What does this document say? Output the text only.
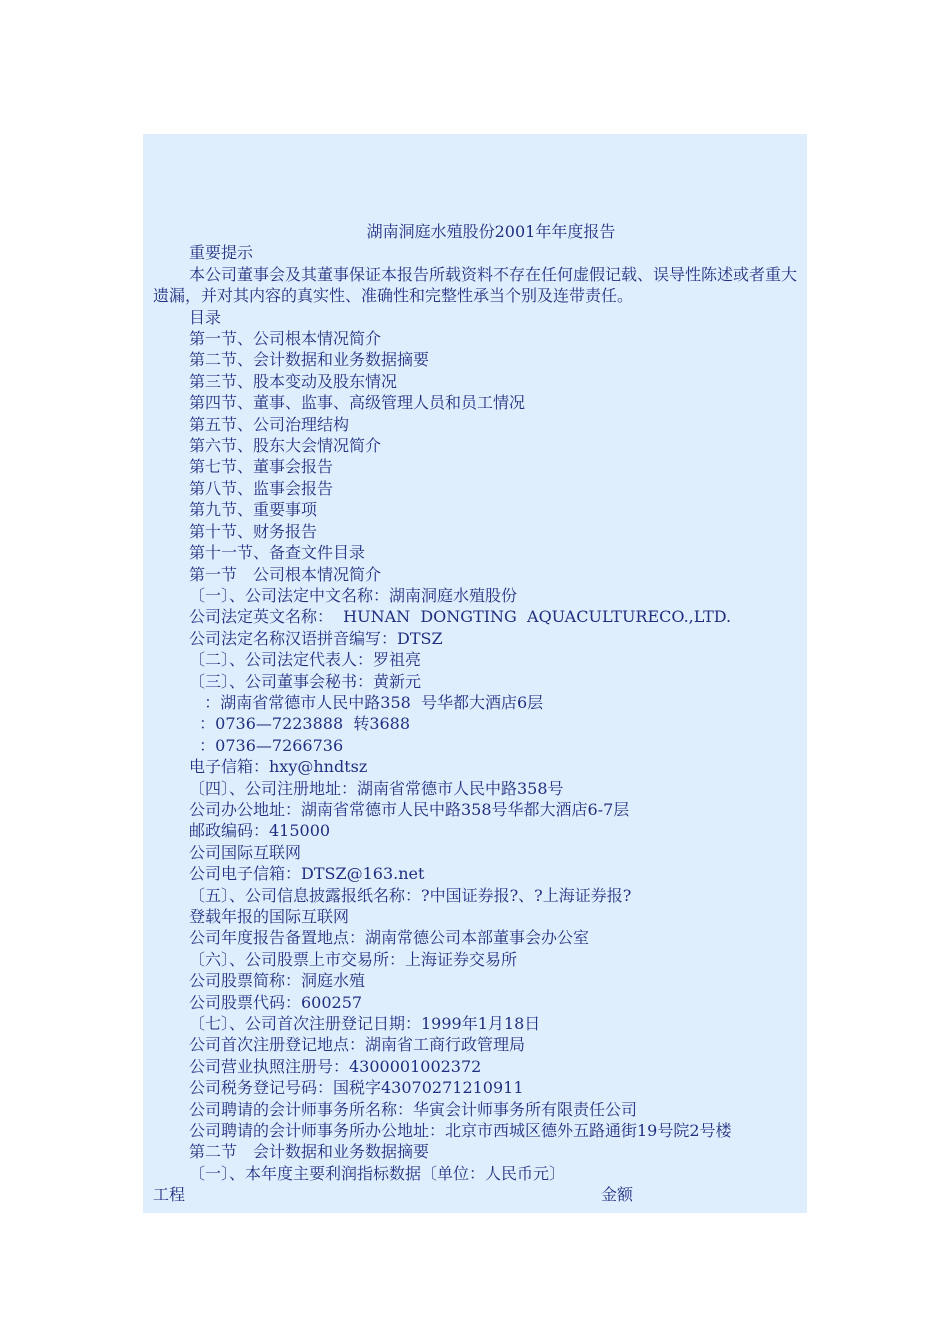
湖南洞庭水殖股份2001年年度报告

重要提示

本公司董事会及其董事保证本报告所载资料不存在任何虚假记载、误导性陈述或者重大遗漏，并对其内容的真实性、准确性和完整性承当个别及连带责任。

目录

第一节、公司根本情况简介

第二节、会计数据和业务数据摘要

第三节、股本变动及股东情况

第四节、董事、监事、高级管理人员和员工情况

第五节、公司治理结构

第六节、股东大会情况简介

第七节、董事会报告

第八节、监事会报告

第九节、重要事项

第十节、财务报告

第十一节、备查文件目录

第一节　公司根本情况简介

〔一〕、公司法定中文名称：湖南洞庭水殖股份

公司法定英文名称：  HUNAN  DONGTING  AQUACULTURECO.,LTD.

公司法定名称汉语拼音编写：DTSZ

〔二〕、公司法定代表人：罗祖亮

〔三〕、公司董事会秘书：黄新元

：湖南省常德市人民中路358  号华都大酒店6层

：0736—7223888  转3688

：0736—7266736

电子信箱：hxy@hndtsz

〔四〕、公司注册地址：湖南省常德市人民中路358号

公司办公地址：湖南省常德市人民中路358号华都大酒店6-7层

邮政编码：415000

公司国际互联网

公司电子信箱：DTSZ@163.net

〔五〕、公司信息披露报纸名称：?中国证券报?、?上海证券报?

登载年报的国际互联网

公司年度报告备置地点：湖南常德公司本部董事会办公室

〔六〕、公司股票上市交易所：上海证券交易所

公司股票简称：洞庭水殖

公司股票代码：600257

〔七〕、公司首次注册登记日期：1999年1月18日

公司首次注册登记地点：湖南省工商行政管理局

公司营业执照注册号：4300001002372

公司税务登记号码：国税字43070271210911

公司聘请的会计师事务所名称：华寅会计师事务所有限责任公司

公司聘请的会计师事务所办公地址：北京市西城区德外五路通街19号院2号楼

第二节　会计数据和业务数据摘要

〔一〕、本年度主要利润指标数据〔单位：人民币元〕

工程	金额
